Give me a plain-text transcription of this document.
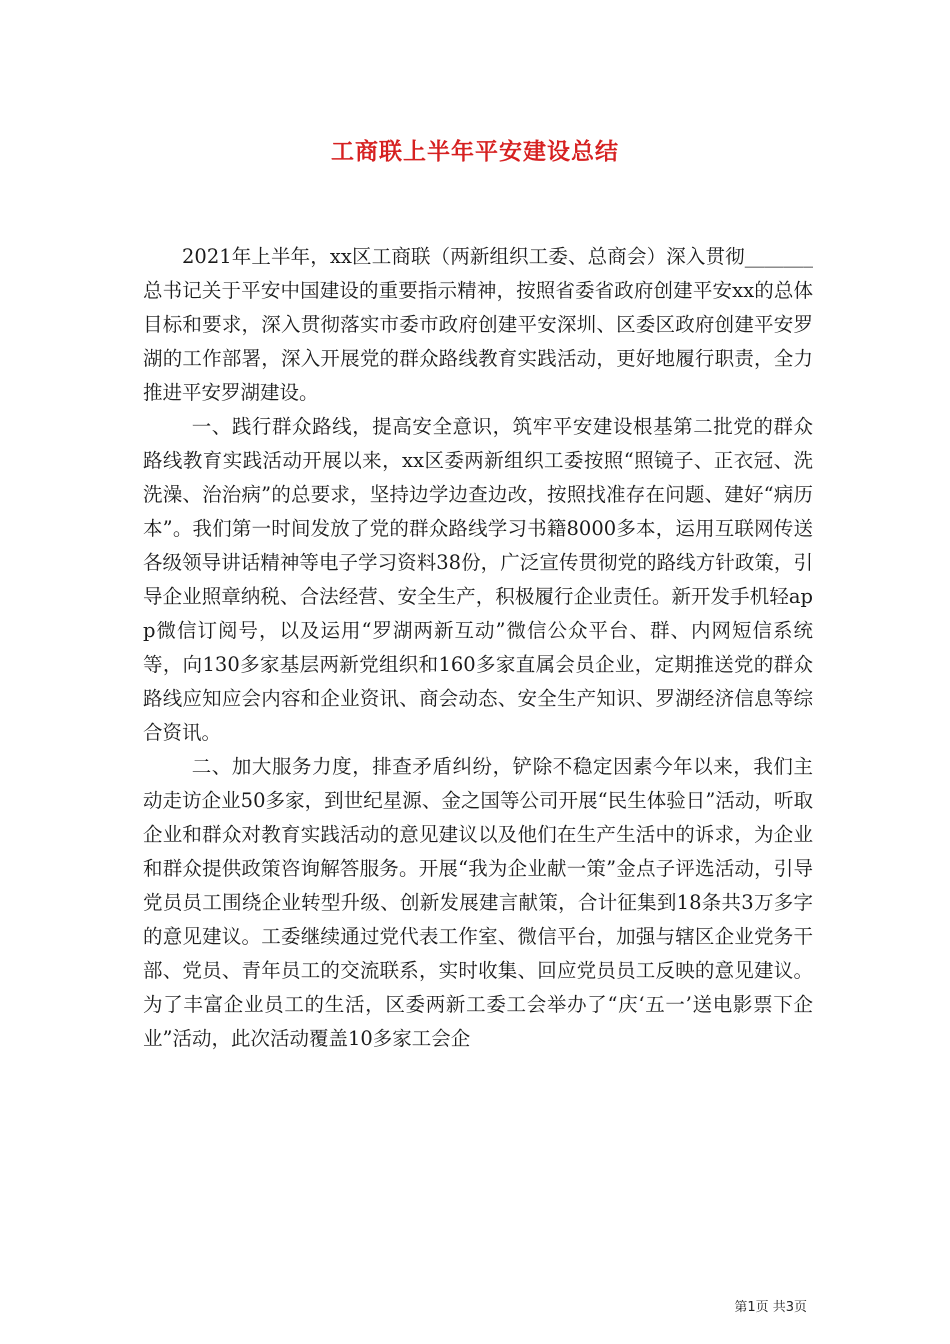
工商联上半年平安建设总结

2021年上半年，xx区工商联（两新组织工委、总商会）深入贯彻_______总书记关于平安中国建设的重要指示精神，按照省委省政府创建平安xx的总体目标和要求，深入贯彻落实市委市政府创建平安深圳、区委区政府创建平安罗湖的工作部署，深入开展党的群众路线教育实践活动，更好地履行职责，全力推进平安罗湖建设。

一、践行群众路线，提高安全意识，筑牢平安建设根基第二批党的群众路线教育实践活动开展以来，xx区委两新组织工委按照“照镜子、正衣冠、洗洗澡、治治病”的总要求，坚持边学边查边改，按照找准存在问题、建好“病历本”。我们第一时间发放了党的群众路线学习书籍8000多本，运用互联网传送各级领导讲话精神等电子学习资料38份，广泛宣传贯彻党的路线方针政策，引导企业照章纳税、合法经营、安全生产，积极履行企业责任。新开发手机轻app微信订阅号，以及运用“罗湖两新互动”微信公众平台、群、内网短信系统等，向130多家基层两新党组织和160多家直属会员企业，定期推送党的群众路线应知应会内容和企业资讯、商会动态、安全生产知识、罗湖经济信息等综合资讯。

二、加大服务力度，排查矛盾纠纷，铲除不稳定因素今年以来，我们主动走访企业50多家，到世纪星源、金之国等公司开展“民生体验日”活动，听取企业和群众对教育实践活动的意见建议以及他们在生产生活中的诉求，为企业和群众提供政策咨询解答服务。开展“我为企业献一策”金点子评选活动，引导党员员工围绕企业转型升级、创新发展建言献策，合计征集到18条共3万多字的意见建议。工委继续通过党代表工作室、微信平台，加强与辖区企业党务干部、党员、青年员工的交流联系，实时收集、回应党员员工反映的意见建议。为了丰富企业员工的生活，区委两新工委工会举办了“庆‘五一’送电影票下企业”活动，此次活动覆盖10多家工会企

第1页 共3页
